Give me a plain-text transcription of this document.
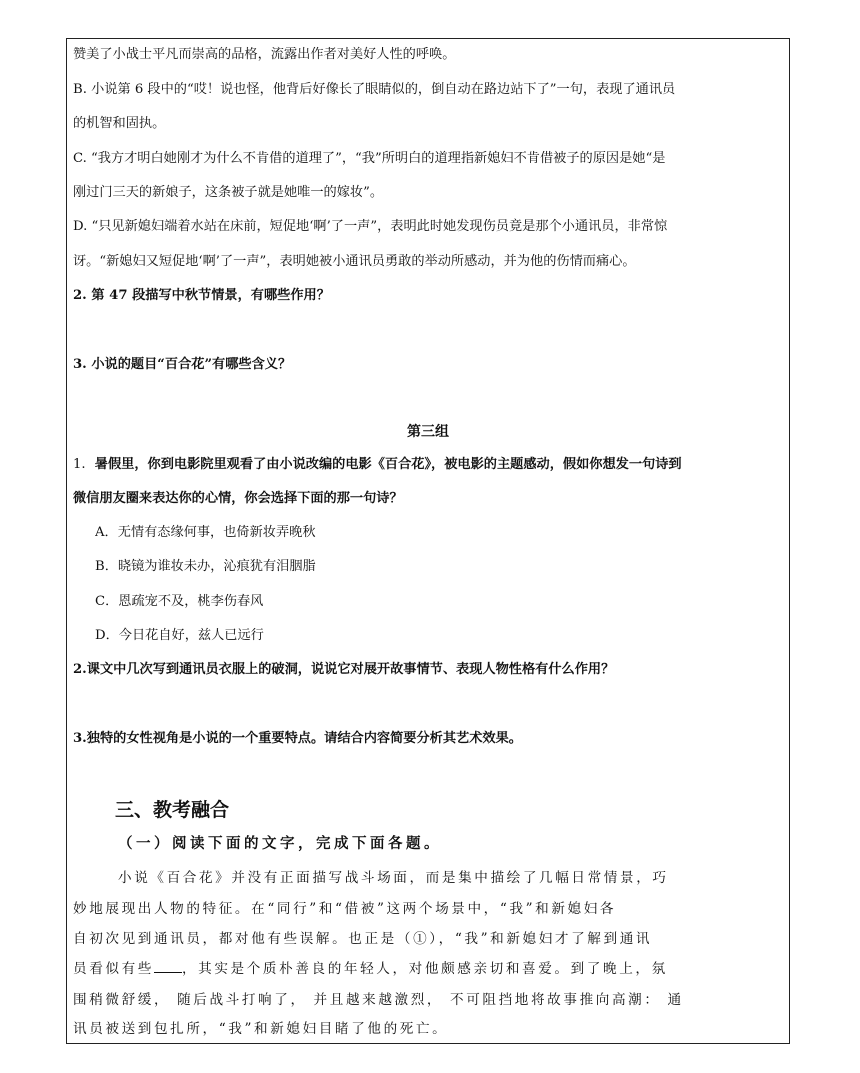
赞美了小战士平凡而崇高的品格，流露出作者对美好人性的呼唤。
B. 小说第 6 段中的“哎！说也怪，他背后好像长了眼睛似的，倒自动在路边站下了”一句，表现了通讯员
的机智和固执。
C. “我方才明白她刚才为什么不肯借的道理了”，“我”所明白的道理指新媳妇不肯借被子的原因是她“是
刚过门三天的新娘子，这条被子就是她唯一的嫁妆”。
D. “只见新媳妇端着水站在床前，短促地‘啊’了一声”，表明此时她发现伤员竟是那个小通讯员，非常惊
讶。“新媳妇又短促地‘啊’了一声”，表明她被小通讯员勇敢的举动所感动，并为他的伤情而痛心。
2. 第 47 段描写中秋节情景，有哪些作用？
3. 小说的题目“百合花”有哪些含义？
第三组
1. 暑假里，你到电影院里观看了由小说改编的电影《百合花》，被电影的主题感动，假如你想发一句诗到
微信朋友圈来表达你的心情，你会选择下面的那一句诗？
A．无情有态缘何事，也倚新妆弄晚秋
B．晓镜为谁妆未办，沁痕犹有泪胭脂
C．恩疏宠不及，桃李伤春风
D．今日花自好，兹人已远行
2.课文中几次写到通讯员衣服上的破洞，说说它对展开故事情节、表现人物性格有什么作用？
3.独特的女性视角是小说的一个重要特点。请结合内容简要分析其艺术效果。
三、教考融合
（一）阅读下面的文字，完成下面各题。
小说《百合花》并没有正面描写战斗场面，而是集中描绘了几幅日常情景，巧
妙地展现出人物的特征。在“同行”和“借被”这两个场景中，“我”和新媳妇各
自初次见到通讯员，都对他有些误解。也正是（①），“我”和新媳妇才了解到通讯
员看似有些 ，其实是个质朴善良的年轻人，对他颇感亲切和喜爱。到了晚上，氛
围稍微舒缓， 随后战斗打响了， 并且越来越激烈， 不可阻挡地将故事推向高潮： 通
讯员被送到包扎所，“我”和新媳妇目睹了他的死亡。
